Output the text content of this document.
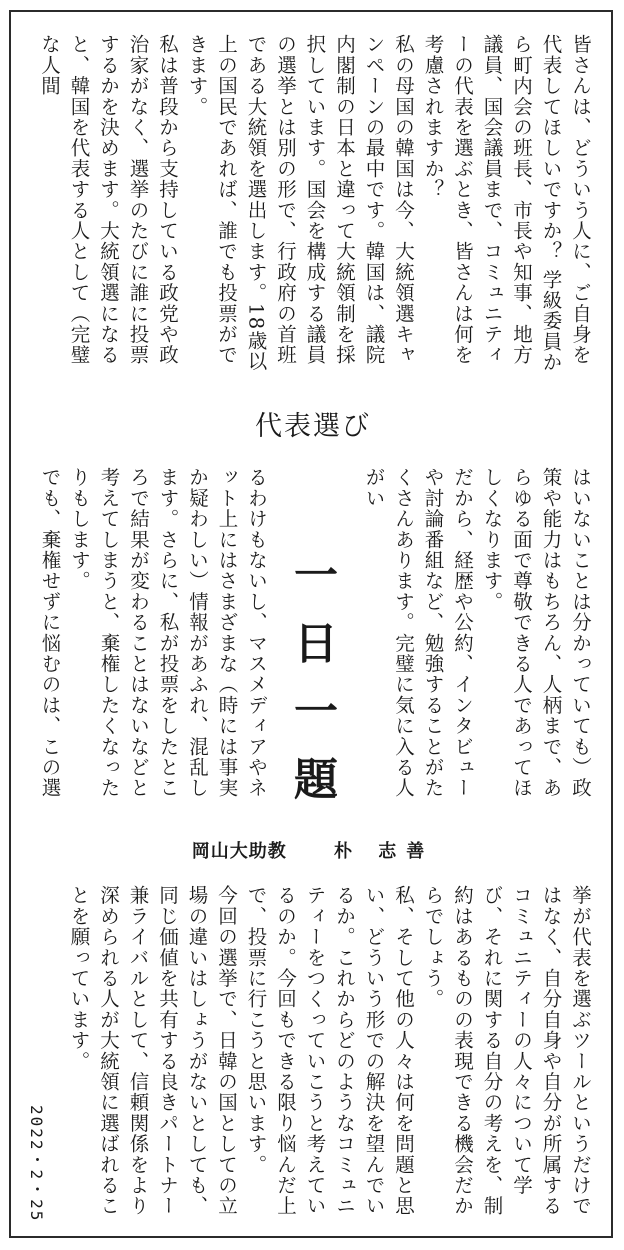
皆さんは、どういう人に、ご自身を代表してほしいですか？ 学級委員から町内会の班長、市長や知事、地方議員、国会議員まで、コミュニティーの代表を選ぶとき、皆さんは何を考慮されますか？
私の母国の韓国は今、大統領選キャンペーンの最中です。韓国は、議院内閣制の日本と違って大統領制を採択しています。国会を構成する議員の選挙とは別の形で、行政府の首班である大統領を選出します。18歳以上の国民であれば、誰でも投票ができます。
私は普段から支持している政党や政治家がなく、選挙のたびに誰に投票するかを決めます。大統領選になると、韓国を代表する人として（完璧な人間

代表選び

はいないことは分かっていても）政策や能力はもちろん、人柄まで、あらゆる面で尊敬できる人であってほしくなります。
だから、経歴や公約、インタビューや討論番組など、勉強することがたくさんあります。完璧に気に入る人がい

一日一題

るわけもないし、マスメディアやネット上にはさまざまな（時には事実か疑わしい）情報があふれ、混乱します。さらに、私が投票をしたところで結果が変わることはないなどと考えてしまうと、棄権したくなったりもします。
でも、棄権せずに悩むのは、この選

岡山大助教	朴 志善

挙が代表を選ぶツールというだけではなく、自分自身や自分が所属するコミュニティーの人々について学び、それに関する自分の考えを、制約はあるものの表現できる機会だからでしょう。
私、そして他の人々は何を問題と思い、どういう形での解決を望んでいるか。これからどのようなコミュニティーをつくっていこうと考えているのか。今回もできる限り悩んだ上で、投票に行こうと思います。
今回の選挙で、日韓の国としての立場の違いはしょうがないとしても、同じ価値を共有する良きパートナー兼ライバルとして、信頼関係をより深められる人が大統領に選ばれることを願っています。

2022・2・25
